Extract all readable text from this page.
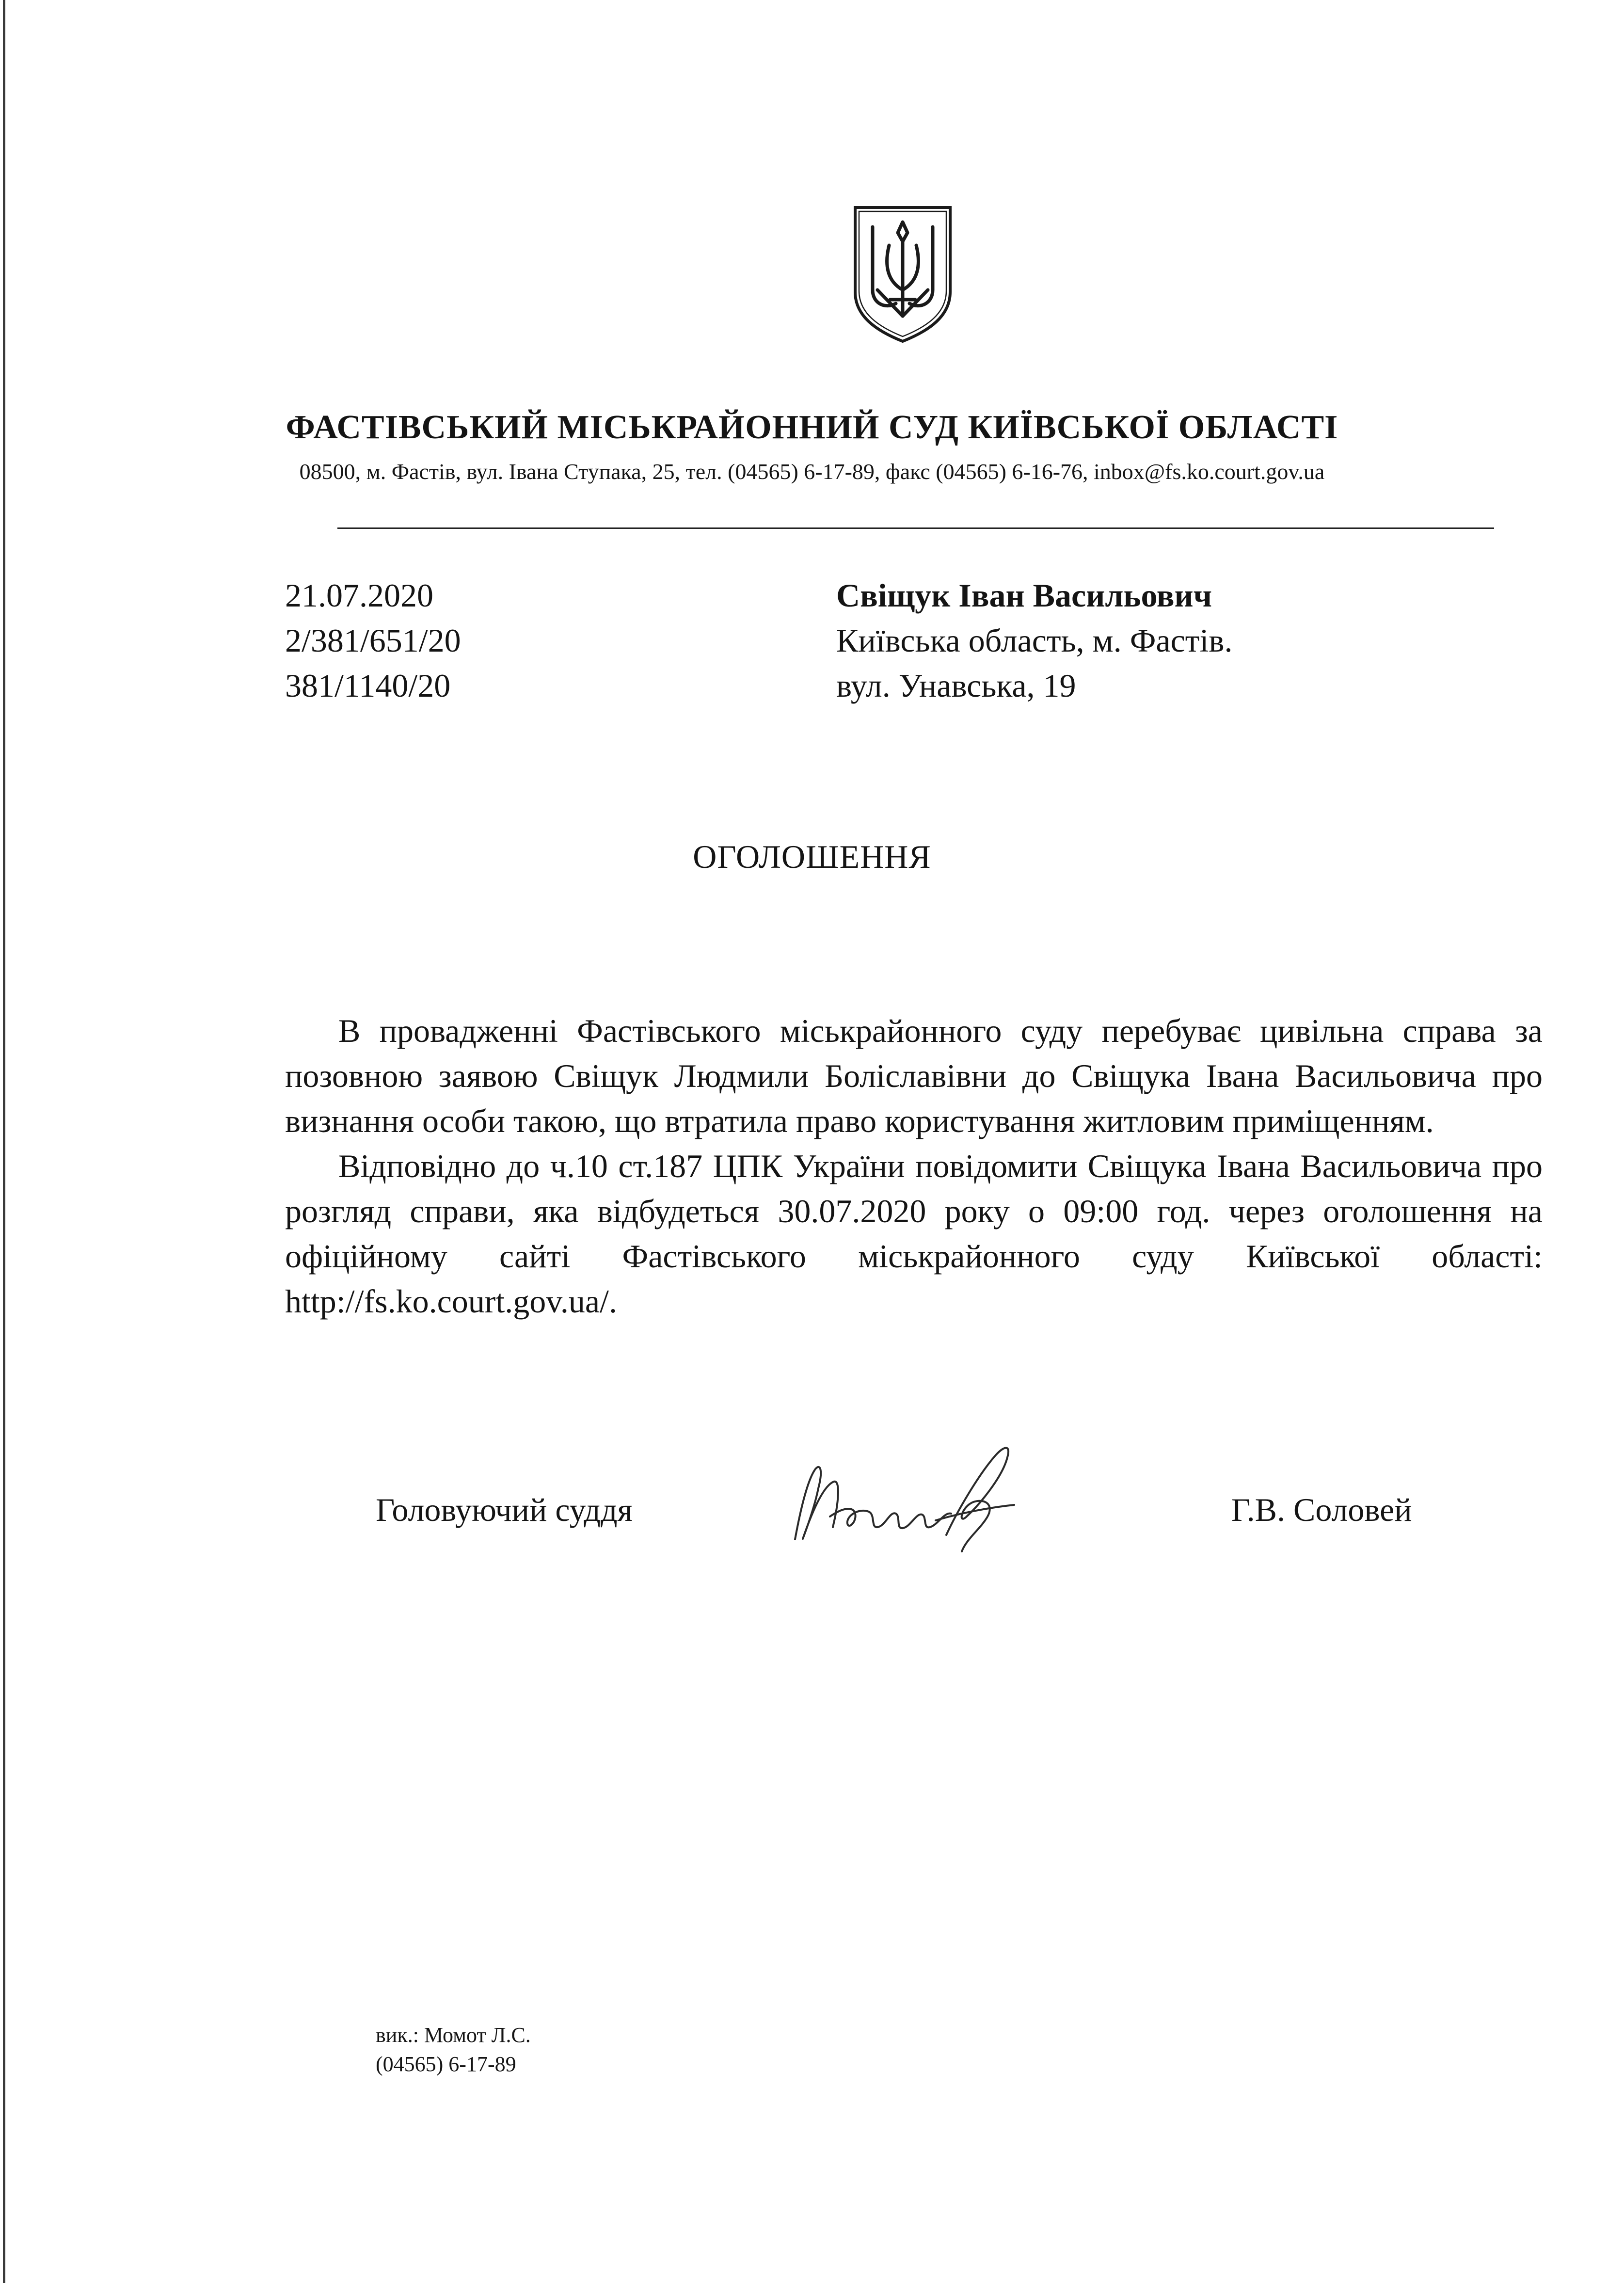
ФАСТІВСЬКИЙ МІСЬКРАЙОННИЙ СУД КИЇВСЬКОЇ ОБЛАСТІ
08500, м. Фастів, вул. Івана Ступака, 25, тел. (04565) 6-17-89, факс (04565) 6-16-76, inbox@fs.ko.court.gov.ua
21.07.2020
2/381/651/20
381/1140/20
Свіщук Іван Васильович
Київська область, м. Фастів.
вул. Унавська, 19
ОГОЛОШЕННЯ

В провадженні Фастівського міськрайонного суду перебуває цивільна справа за позовною заявою Свіщук Людмили Боліславівни до Свіщука Івана Васильовича про визнання особи такою, що втратила право користування житловим приміщенням.

Відповідно до ч.10 ст.187 ЦПК України повідомити Свіщука Івана Васильовича про розгляд справи, яка відбудеться 30.07.2020 року о 09:00 год. через оголошення на офіційному сайті Фастівського міськрайонного суду Київської області: http://fs.ko.court.gov.ua/.

Головуючий суддя	Г.В. Соловей
вик.: Момот Л.С.
(04565) 6-17-89
